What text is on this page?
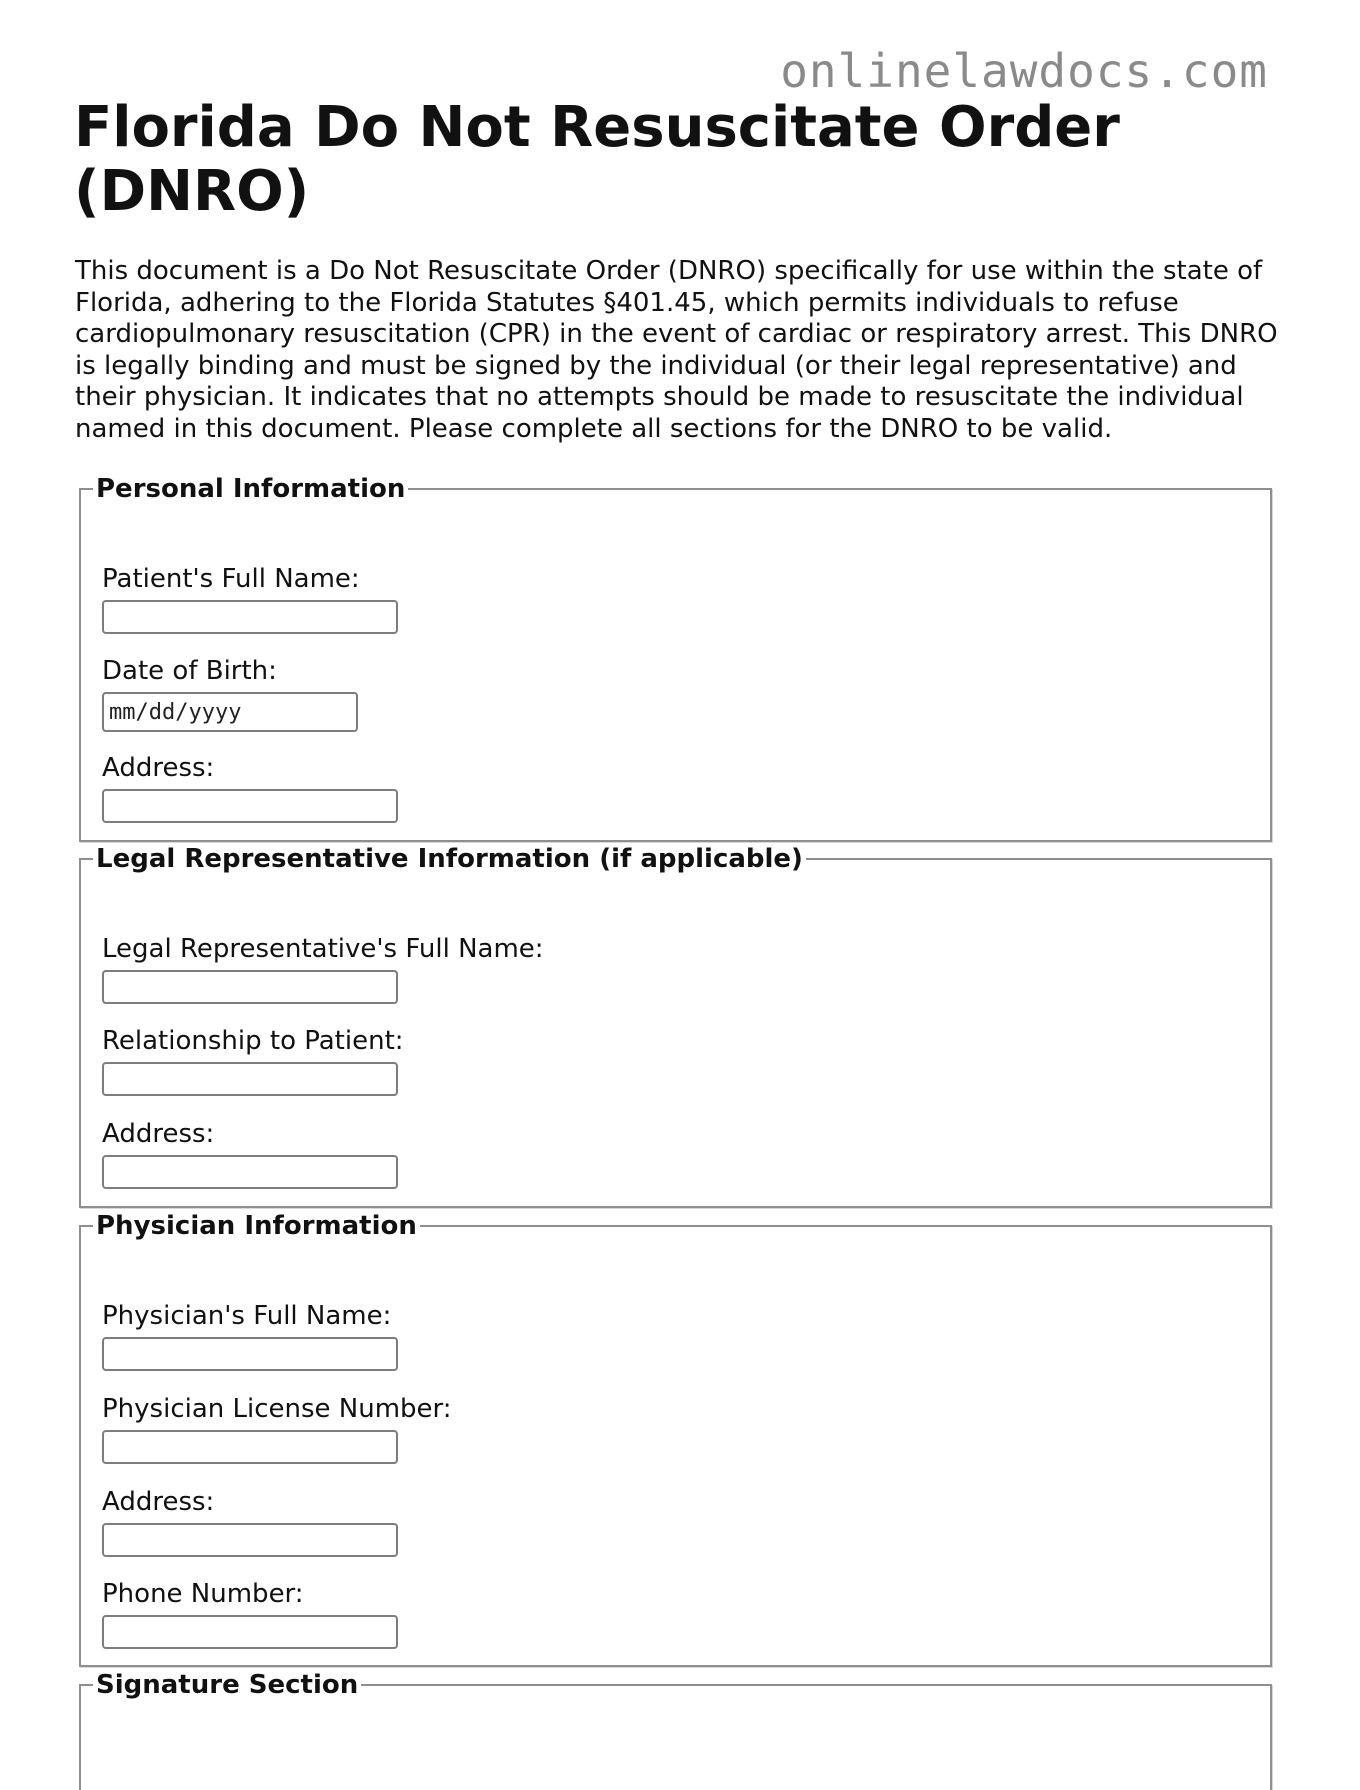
onlinelawdocs.com
Florida Do Not Resuscitate Order (DNRO)

This document is a Do Not Resuscitate Order (DNRO) specifically for use within the state of Florida, adhering to the Florida Statutes §401.45, which permits individuals to refuse cardiopulmonary resuscitation (CPR) in the event of cardiac or respiratory arrest. This DNRO is legally binding and must be signed by the individual (or their legal representative) and their physician. It indicates that no attempts should be made to resuscitate the individual named in this document. Please complete all sections for the DNRO to be valid.

Personal Information
Patient's Full Name:
Date of Birth:
mm/dd/yyyy
Address:
Legal Representative Information (if applicable)
Legal Representative's Full Name:
Relationship to Patient:
Address:
Physician Information
Physician's Full Name:
Physician License Number:
Address:
Phone Number:
Signature Section
